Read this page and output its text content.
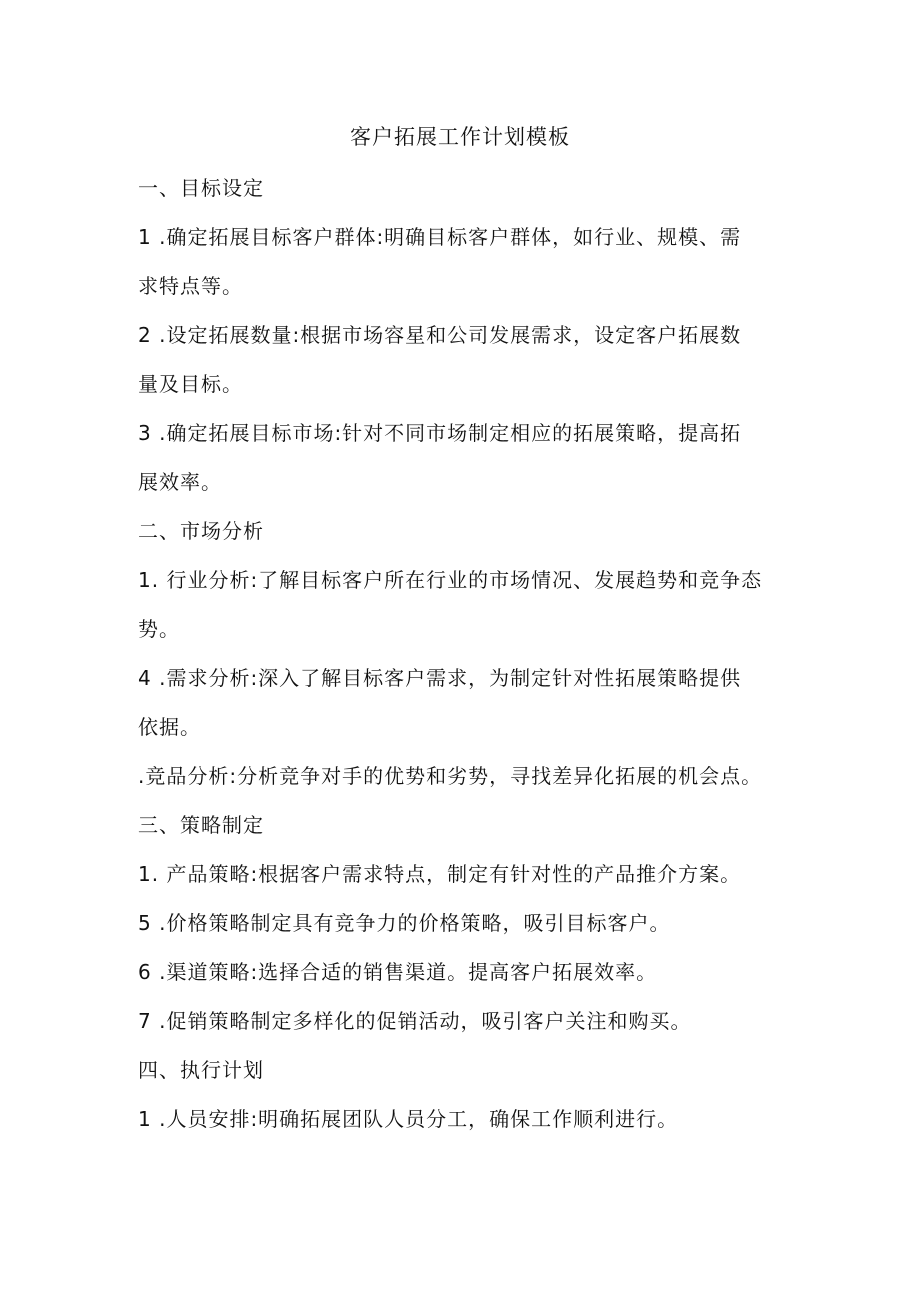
客户拓展工作计划模板
一、目标设定
1 .确定拓展目标客户群体:明确目标客户群体，如行业、规模、需
求特点等。
2 .设定拓展数量:根据市场容星和公司发展需求，设定客户拓展数
量及目标。
3 .确定拓展目标市场:针对不同市场制定相应的拓展策略，提高拓
展效率。
二、市场分析
1. 行业分析:了解目标客户所在行业的市场情况、发展趋势和竞争态
势。
4 .需求分析:深入了解目标客户需求，为制定针对性拓展策略提供
依据。
.竞品分析:分析竞争对手的优势和劣势，寻找差异化拓展的机会点。
三、策略制定
1. 产品策略:根据客户需求特点，制定有针对性的产品推介方案。
5 .价格策略制定具有竞争力的价格策略，吸引目标客户。
6 .渠道策略:选择合适的销售渠道。提高客户拓展效率。
7 .促销策略制定多样化的促销活动，吸引客户关注和购买。
四、执行计划
1 .人员安排:明确拓展团队人员分工，确保工作顺利进行。
